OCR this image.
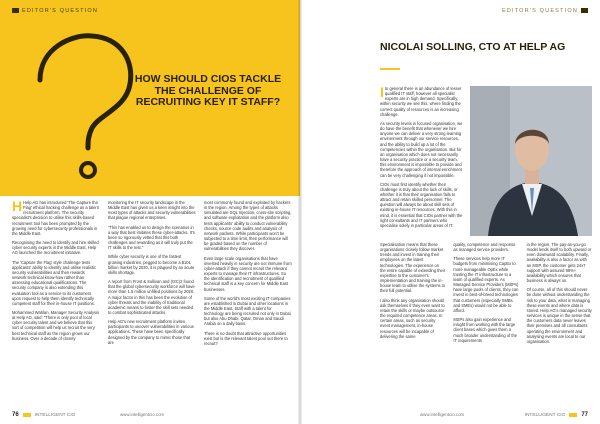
EDITOR'S QUESTION
HOW SHOULD CIOS TACKLE THE CHALLENGE OF RECRUITING KEY IT STAFF?

H Help AG has introduced 'The Capture the Flag' ethical hacking challenge as a talent recruitment platform. The security specialist's decision to utilise this skills-based recruitment tool has been prompted by the growing need for cybersecurity professionals in the Middle East.

Recognising the need to identify and hire skilled cyber security experts in the Middle East, Help AG launched the recruitment initiative.

The 'Capture the Flag' style challenge tests applicants' ability to identify and utilise realistic security vulnerabilities and then rewards network technical know-how rather than assessing educational qualifications. The security company is also extending this evaluation tool as a service to its customers upon request to help them identify technically competent staff for their in-house IT positions.

Mohammed Wahlan, Manager Security Analysis at Help AG, said: "There is only pool of local cyber security talent and we believe that this sort of competition will help us recruit the very best technical staff as the region grows our business. Over a decade of closely

monitoring the IT security landscape in the Middle East has given us a keen insight into the most types of attacks and security vulnerabilities that plague regional enterprises.

"This has enabled us to design the scenarios in a way that best imitates these cyber-attacks. It's been so rigorously vetted that this both challenges and rewarding as it will truly put the IT skills to the test."

While cyber security is one of the fastest growing industries, pegged to become a $101 billion market by 2020, it is plagued by an acute skills shortage.

A report from Frost & Sullivan and (ISC)2 found that the global cybersecurity workforce will have more than 1.5 million unfilled positions by 2020. A major factor in this has been the evolution of cyber threats and the inability of traditional academic means to foster the skill sets needed to combat sophisticated attacks.

Help AG's new recruitment platform invites participants to uncover vulnerabilities in various applications. These have been specifically designed by the company to mimic those that are

most commonly found and exploited by hackers in the region. Among the types of attacks simulated are SQL Injection, cross-site scripting, and software exploitation and the platform also tests applicants' ability to conduct vulnerability checks, source code audits and analysis of network packets. While participants won't be subjected to a time limit, their performance will be graded based on the number of vulnerabilities they discover.

Even large scale organisations that have invested heavily in security are not immune from cyber-attack if they cannot recruit the relevant experts to manage their IT infrastructures. So the identification and recruitment of qualified technical staff is a key concern for Middle East businesses.

Some of the world's most exciting IT companies are established in Dubai and other locations in the Middle East. Staff with a talent for technology are being recruited not only in Dubai but also Abu Dhabi, Qatar, Oman and Saudi Arabia on a daily basis.

There is no doubt that attractive opportunities exist but is the relevant talent pool out there to recruit?

76	INTELLIGENT CIO	www.intelligentcio.com
EDITOR'S QUESTION
NICOLAI SOLLING, CTO AT HELP AG

I In general there is an abundance of lesser qualified IT staff, however all specialist experts are in high demand. Specifically, within security we see this, where finding the correct quality of resources is an increasing challenge.

As security levels in focused organisation, we do have the benefit that whenever we hire anyone we can deliver a very strong learning environment through our service resources, and the ability to build up a lot of the competencies within the organisation. But for an organisation which does not necessarily have a security practice or a security team, this environment is impossible to provide and therefore the approach of internal enrichment can be very challenging if not impossible.

CIOs must first identify whether their challenge is truly about the lack of skills, or whether it is that their organisation fails to attract and retain skilled personnel. The question will always be about skill sets of existing in-house IT resources. With this in mind, it is essential that CIOs partner with the right consultants and IT partners who specialise solely in particular areas of IT.

Specialisation means that these organisations closely follow market trends and invest in training their employees on the latest technologies. The experience on the entire capable of extending their expertise to the customer's implementation and training the in-house team to utilise the systems to their full potential.

I also think any organisation should ask themselves if they even want to retain the skills or maybe outsource the required competence areas. In certain areas, such as security event management, in-house resources will be incapable of delivering the same

quality, competence and response as managed service providers.

These services help more IT budgets from minimising CapEx to more manageable OpEx while trusting the IT infrastructure to a team of qualified experts. As Managed Service Providers (MSPs) have large pools of clients, they can invest in best-of-breed technologies that customers (especially SMBs and SMEs) would not be able to afford.

MSPs also gain experience and insight from working with the large client bases which gives them a much broader understanding of the IT requirements

in the region. The pay-as-you-go model lends itself to both upward or even downward scalability. Finally, availability is also a factor as with an MSP, the customer gets 24x7 support with assured 99%+ availability which ensures that business is always on.

Of course, all of this should never be done without understanding the risk to your data, what is managing these events and where data is stored. Help AG's managed security services is unique in the sense that the customers data never leaves their premises and all consultants operating the environment and analysing events are local to our organisation.

INTELLIGENT CIO	77
www.intelligentcio.com
